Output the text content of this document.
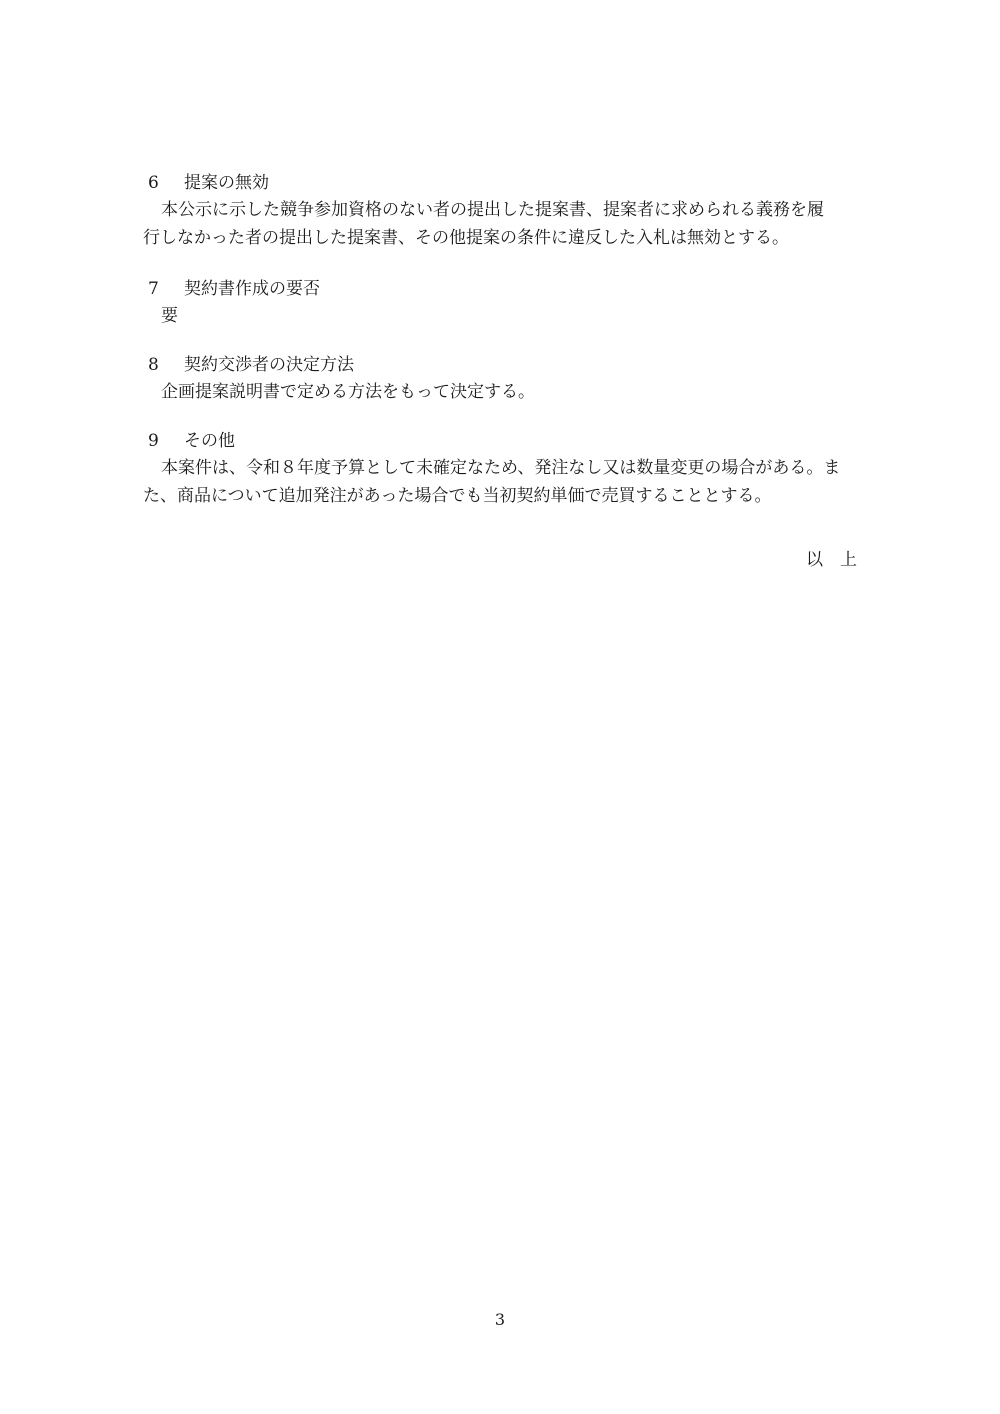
6 提案の無効
本公示に示した競争参加資格のない者の提出した提案書、提案者に求められる義務を履
行しなかった者の提出した提案書、その他提案の条件に違反した入札は無効とする。
7 契約書作成の要否
要
8 契約交渉者の決定方法
企画提案説明書で定める方法をもって決定する。
9 その他
本案件は、令和８年度予算として未確定なため、発注なし又は数量変更の場合がある。ま
た、商品について追加発注があった場合でも当初契約単価で売買することとする。
以 上
3
